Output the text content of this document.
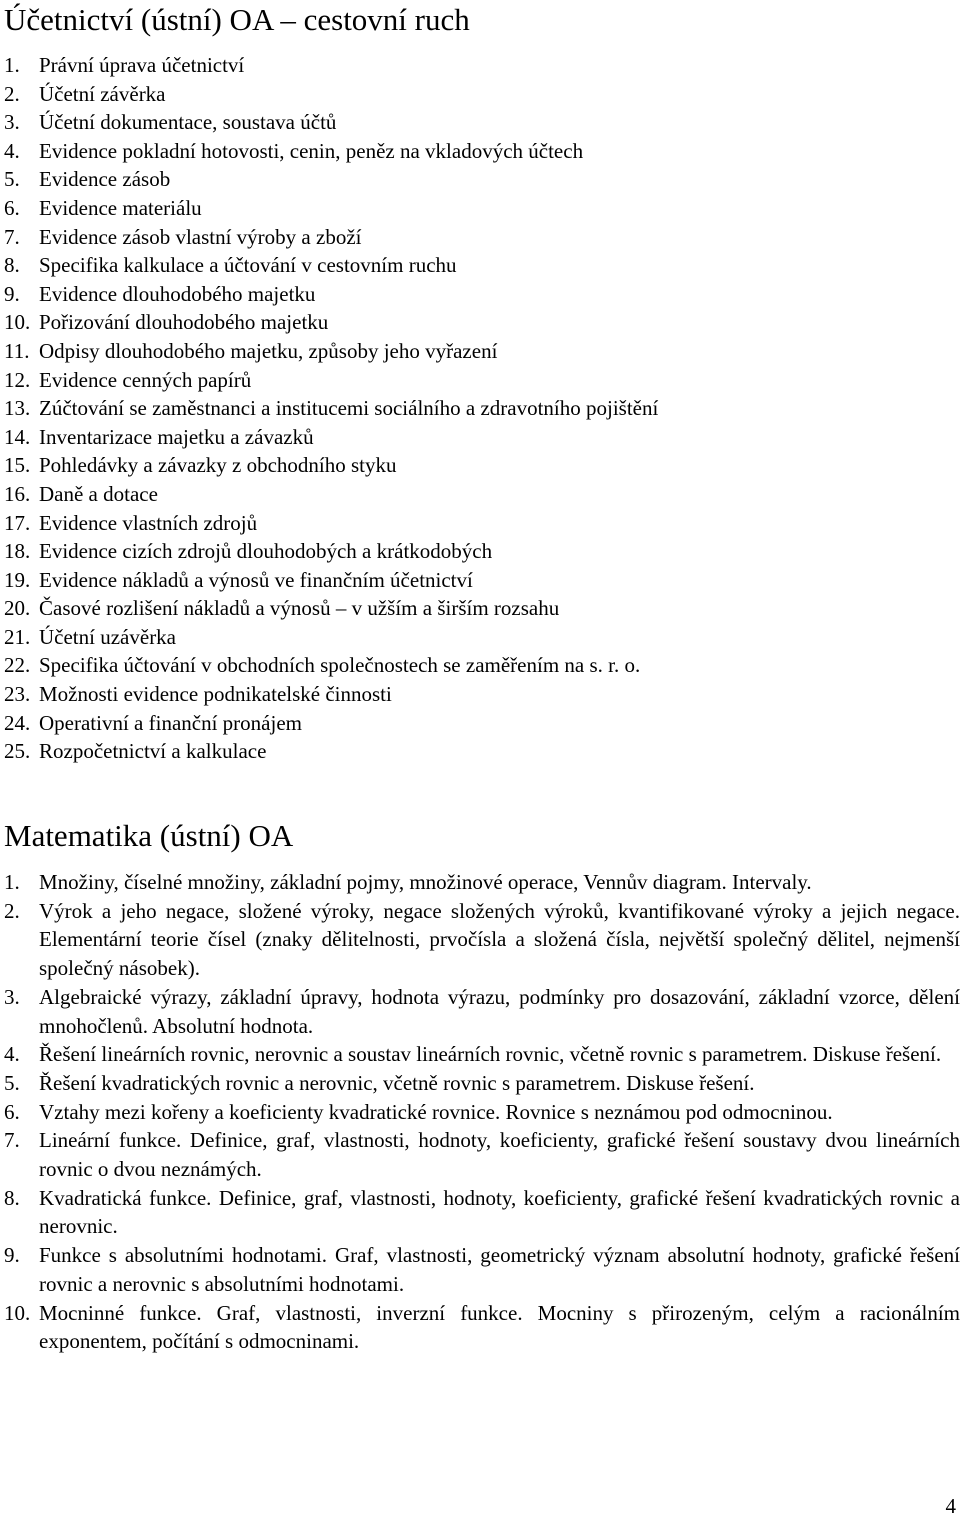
Účetnictví (ústní) OA – cestovní ruch
1. Právní úprava účetnictví
2. Účetní závěrka
3. Účetní dokumentace, soustava účtů
4. Evidence pokladní hotovosti, cenin, peněz na vkladových účtech
5. Evidence zásob
6. Evidence materiálu
7. Evidence zásob vlastní výroby a zboží
8. Specifika kalkulace a účtování v cestovním ruchu
9. Evidence dlouhodobého majetku
10. Pořizování dlouhodobého majetku
11. Odpisy dlouhodobého majetku, způsoby jeho vyřazení
12. Evidence cenných papírů
13. Zúčtování se zaměstnanci a institucemi sociálního a zdravotního pojištění
14. Inventarizace majetku a závazků
15. Pohledávky a závazky z obchodního styku
16. Daně a dotace
17. Evidence vlastních zdrojů
18. Evidence cizích zdrojů dlouhodobých a krátkodobých
19. Evidence nákladů a výnosů ve finančním účetnictví
20. Časové rozlišení nákladů a výnosů – v užším a širším rozsahu
21. Účetní uzávěrka
22. Specifika účtování v obchodních společnostech se zaměřením na s. r. o.
23. Možnosti evidence podnikatelské činnosti
24. Operativní a finanční pronájem
25. Rozpočetnictví a kalkulace
Matematika (ústní) OA
1. Množiny, číselné množiny, základní pojmy, množinové operace, Vennův diagram. Intervaly.
2. Výrok a jeho negace, složené výroky, negace složených výroků, kvantifikované výroky a jejich negace. Elementární teorie čísel (znaky dělitelnosti, prvočísla a složená čísla, největší společný dělitel, nejmenší společný násobek).
3. Algebraické výrazy, základní úpravy, hodnota výrazu, podmínky pro dosazování, základní vzorce, dělení mnohočlenů. Absolutní hodnota.
4. Řešení lineárních rovnic, nerovnic a soustav lineárních rovnic, včetně rovnic s parametrem. Diskuse řešení.
5. Řešení kvadratických rovnic a nerovnic, včetně rovnic s parametrem. Diskuse řešení.
6. Vztahy mezi kořeny a koeficienty kvadratické rovnice. Rovnice s neznámou pod odmocninou.
7. Lineární funkce. Definice, graf, vlastnosti, hodnoty, koeficienty, grafické řešení soustavy dvou lineárních rovnic o dvou neznámých.
8. Kvadratická funkce. Definice, graf, vlastnosti, hodnoty, koeficienty, grafické řešení kvadratických rovnic a nerovnic.
9. Funkce s absolutními hodnotami. Graf, vlastnosti, geometrický význam absolutní hodnoty, grafické řešení rovnic a nerovnic s absolutními hodnotami.
10. Mocninné funkce. Graf, vlastnosti, inverzní funkce. Mocniny s přirozeným, celým a racionálním exponentem, počítání s odmocninami.
4
